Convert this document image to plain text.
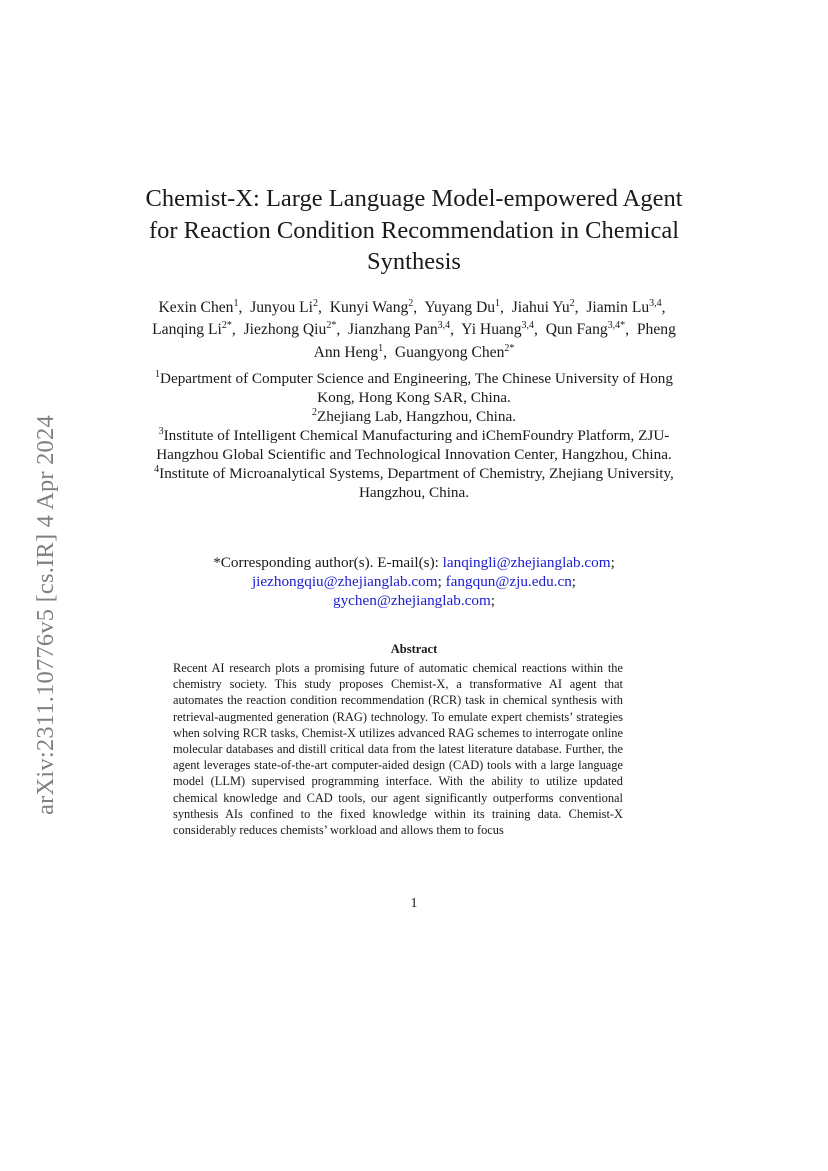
arXiv:2311.10776v5 [cs.IR] 4 Apr 2024
Chemist-X: Large Language Model-empowered Agent for Reaction Condition Recommendation in Chemical Synthesis
Kexin Chen$^1$,  Junyou Li$^2$,  Kunyi Wang$^2$,  Yuyang Du$^1$,  Jiahui Yu$^2$,  Jiamin Lu$^{3,4}$,  Lanqing $Li^{2*}$,  Jiezhong Qiu$^{2*}$,  Jianzhang Pan$^{3,4}$,  Yi Huang$^{3,4}$,  Qun Fang$^{3,4*}$,  Pheng Ann Heng$^1$,  Guangyong Chen$^{2*}$
$^1$Department of Computer Science and Engineering, The Chinese University of Hong Kong, Hong Kong SAR, China.
$^2$Zhejiang Lab, Hangzhou, China.
$^3$Institute of Intelligent Chemical Manufacturing and iChemFoundry Platform, ZJU-Hangzhou Global Scientific and Technological Innovation Center, Hangzhou, China.
$^4$Institute of Microanalytical Systems, Department of Chemistry, Zhejiang University, Hangzhou, China.
*Corresponding author(s). E-mail(s): lanqingli@zhejianglab.com;
jiezhongqiu@zhejianglab.com; fangqun@zju.edu.cn;
gychen@zhejianglab.com;
Abstract
Recent AI research plots a promising future of automatic chemical reactions within the chemistry society. This study proposes Chemist-X, a transformative AI agent that automates the reaction condition recommendation (RCR) task in chemical synthesis with retrieval-augmented generation (RAG) technology. To emulate expert chemists’ strategies when solving RCR tasks, Chemist-X utilizes advanced RAG schemes to interrogate online molecular databases and distill critical data from the latest literature database. Further, the agent leverages state-of-the-art computer-aided design (CAD) tools with a large language model (LLM) supervised programming interface. With the ability to utilize updated chemical knowledge and CAD tools, our agent significantly outperforms conventional synthesis AIs confined to the fixed knowledge within its training data. Chemist-X considerably reduces chemists’ workload and allows them to focus
1
